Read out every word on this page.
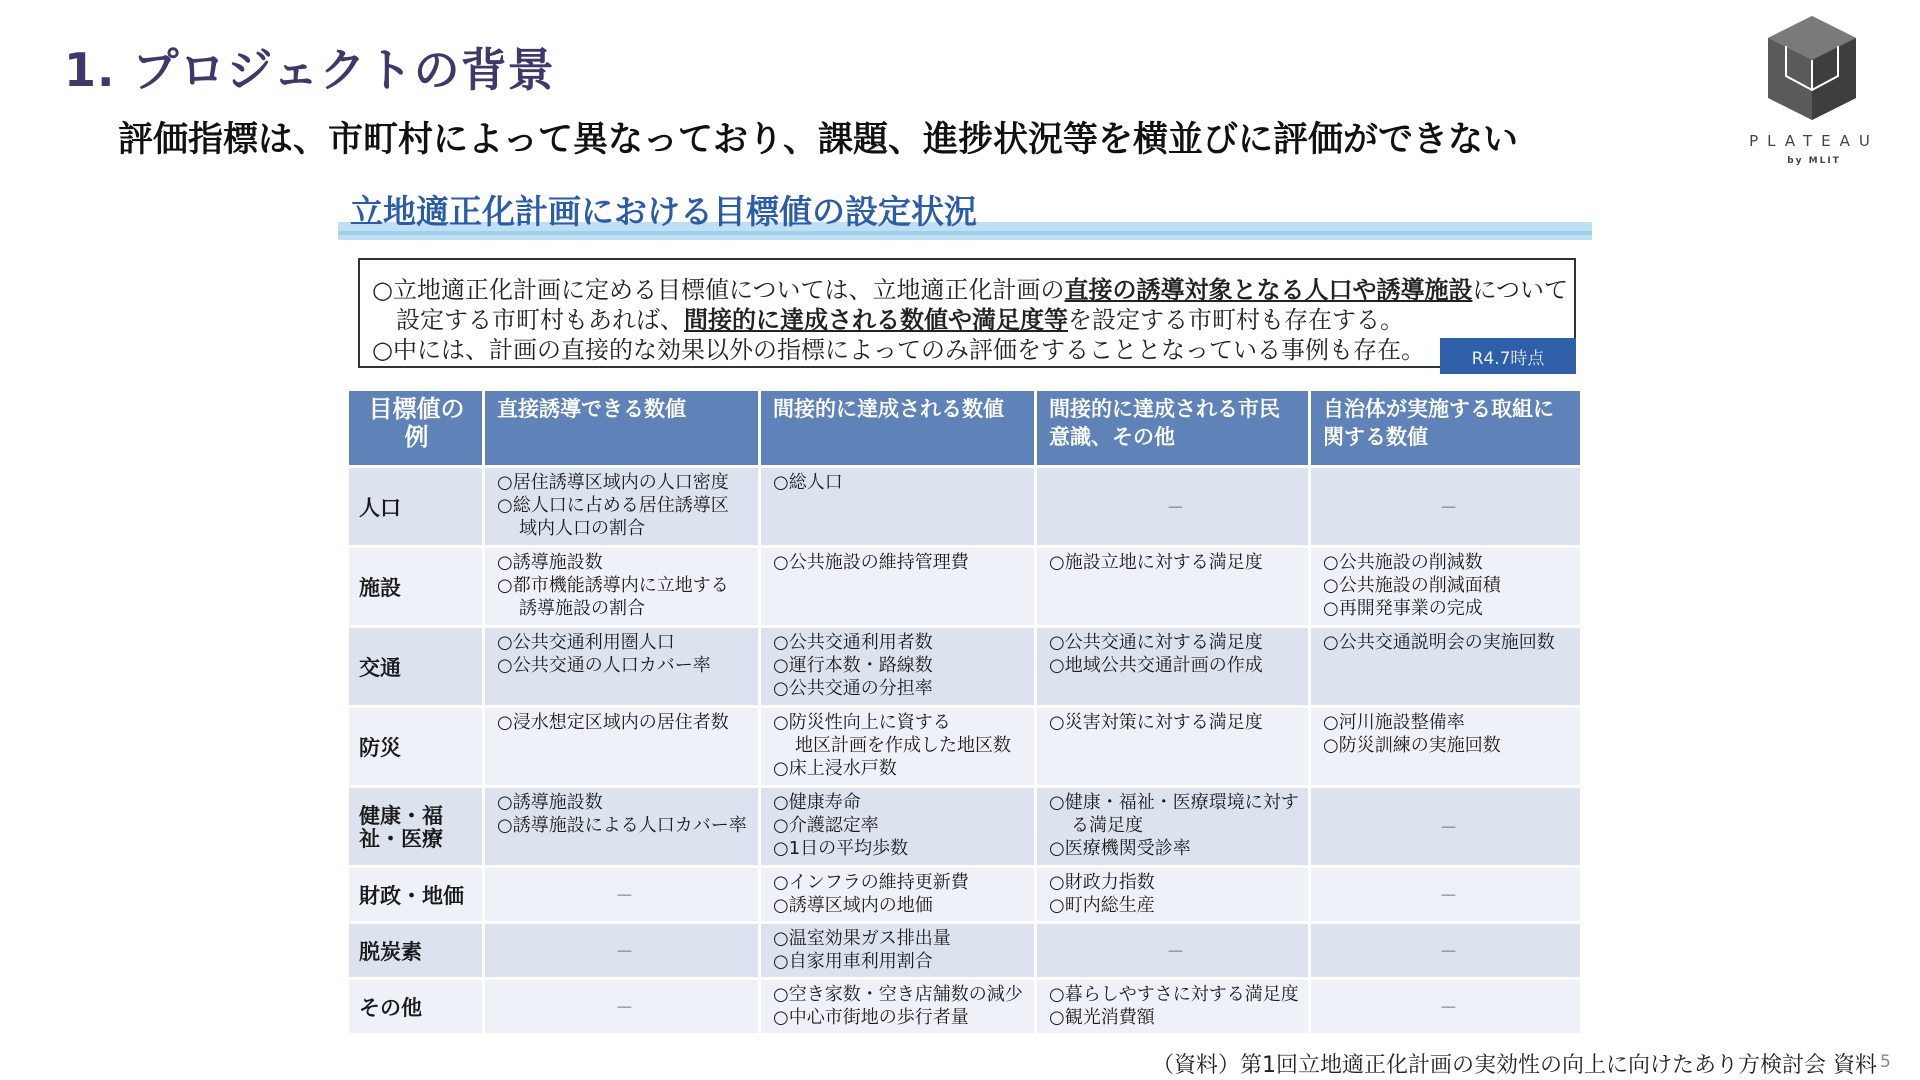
1. プロジェクトの背景
評価指標は、市町村によって異なっており、課題、進捗状況等を横並びに評価ができない	PLATEAU
by MLIT
立地適正化計画における目標値の設定状況
○立地適正化計画に定める目標値については、立地適正化計画の直接の誘導対象となる人口や誘導施設について
設定する市町村もあれば、間接的に達成される数値や満足度等を設定する市町村も存在する。
○中には、計画の直接的な効果以外の指標によってのみ評価をすることとなっている事例も存在。	R4.7時点
目標値の例	直接誘導できる数値	間接的に達成される数値	間接的に達成される市民意識、その他	自治体が実施する取組に関する数値
人口	○居住誘導区域内の人口密度
○総人口に占める居住誘導区
域内人口の割合	○総人口	－	－
施設	○誘導施設数
○都市機能誘導内に立地する
誘導施設の割合	○公共施設の維持管理費	○施設立地に対する満足度	○公共施設の削減数
○公共施設の削減面積
○再開発事業の完成

交通	○公共交通利用圏人口
○公共交通の人口カバー率	○公共交通利用者数
○運行本数・路線数
○公共交通の分担率	○公共交通に対する満足度
○地域公共交通計画の作成	○公共交通説明会の実施回数

防災	○浸水想定区域内の居住者数	○防災性向上に資する
地区計画を作成した地区数
○床上浸水戸数	○災害対策に対する満足度	○河川施設整備率
○防災訓練の実施回数

健康・福祉・医療	○誘導施設数
○誘導施設による人口カバー率	○健康寿命
○介護認定率
○1日の平均歩数	○健康・福祉・医療環境に対す
る満足度
○医療機関受診率	－
財政・地価	－	○インフラの維持更新費
○誘導区域内の地価	○財政力指数
○町内総生産	－
脱炭素	－	○温室効果ガス排出量
○自家用車利用割合	－	－
その他	－	○空き家数・空き店舗数の減少
○中心市街地の歩行者量	○暮らしやすさに対する満足度
○観光消費額	－
（資料）第1回立地適正化計画の実効性の向上に向けたあり方検討会 資料 5
